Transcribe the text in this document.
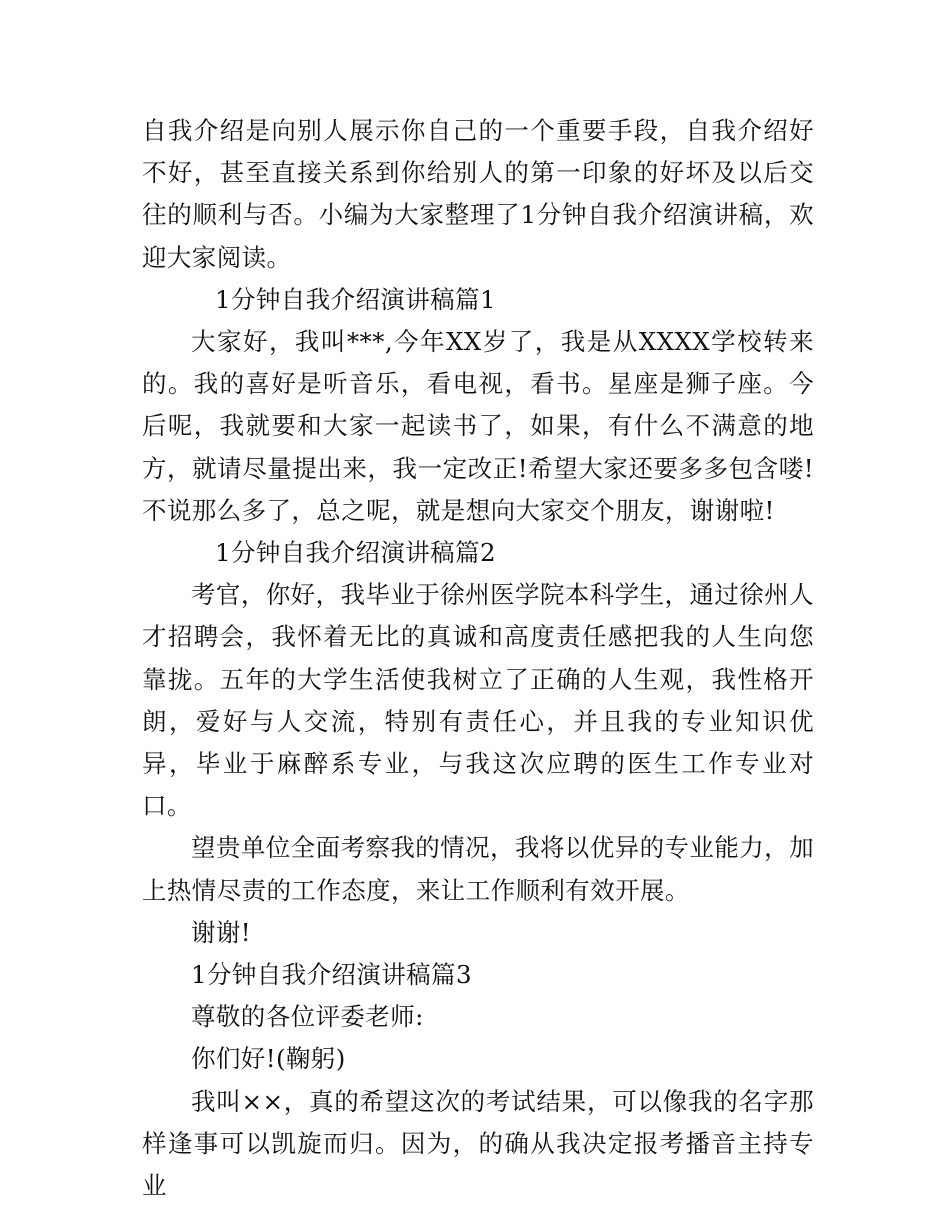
自我介绍是向别人展示你自己的一个重要手段，自我介绍好不好，甚至直接关系到你给别人的第一印象的好坏及以后交往的顺利与否。小编为大家整理了1分钟自我介绍演讲稿，欢迎大家阅读。

1分钟自我介绍演讲稿篇1

大家好，我叫***,今年XX岁了，我是从XXXX学校转来的。我的喜好是听音乐，看电视，看书。星座是狮子座。今后呢，我就要和大家一起读书了，如果，有什么不满意的地方，就请尽量提出来，我一定改正!希望大家还要多多包含喽!不说那么多了，总之呢，就是想向大家交个朋友，谢谢啦!

1分钟自我介绍演讲稿篇2

考官，你好，我毕业于徐州医学院本科学生，通过徐州人才招聘会，我怀着无比的真诚和高度责任感把我的人生向您靠拢。五年的大学生活使我树立了正确的人生观，我性格开朗，爱好与人交流，特别有责任心，并且我的专业知识优异，毕业于麻醉系专业，与我这次应聘的医生工作专业对口。

望贵单位全面考察我的情况，我将以优异的专业能力，加上热情尽责的工作态度，来让工作顺利有效开展。

谢谢!

1分钟自我介绍演讲稿篇3

尊敬的各位评委老师:

你们好!(鞠躬)

我叫××，真的希望这次的考试结果，可以像我的名字那样逢事可以凯旋而归。因为，的确从我决定报考播音主持专业
